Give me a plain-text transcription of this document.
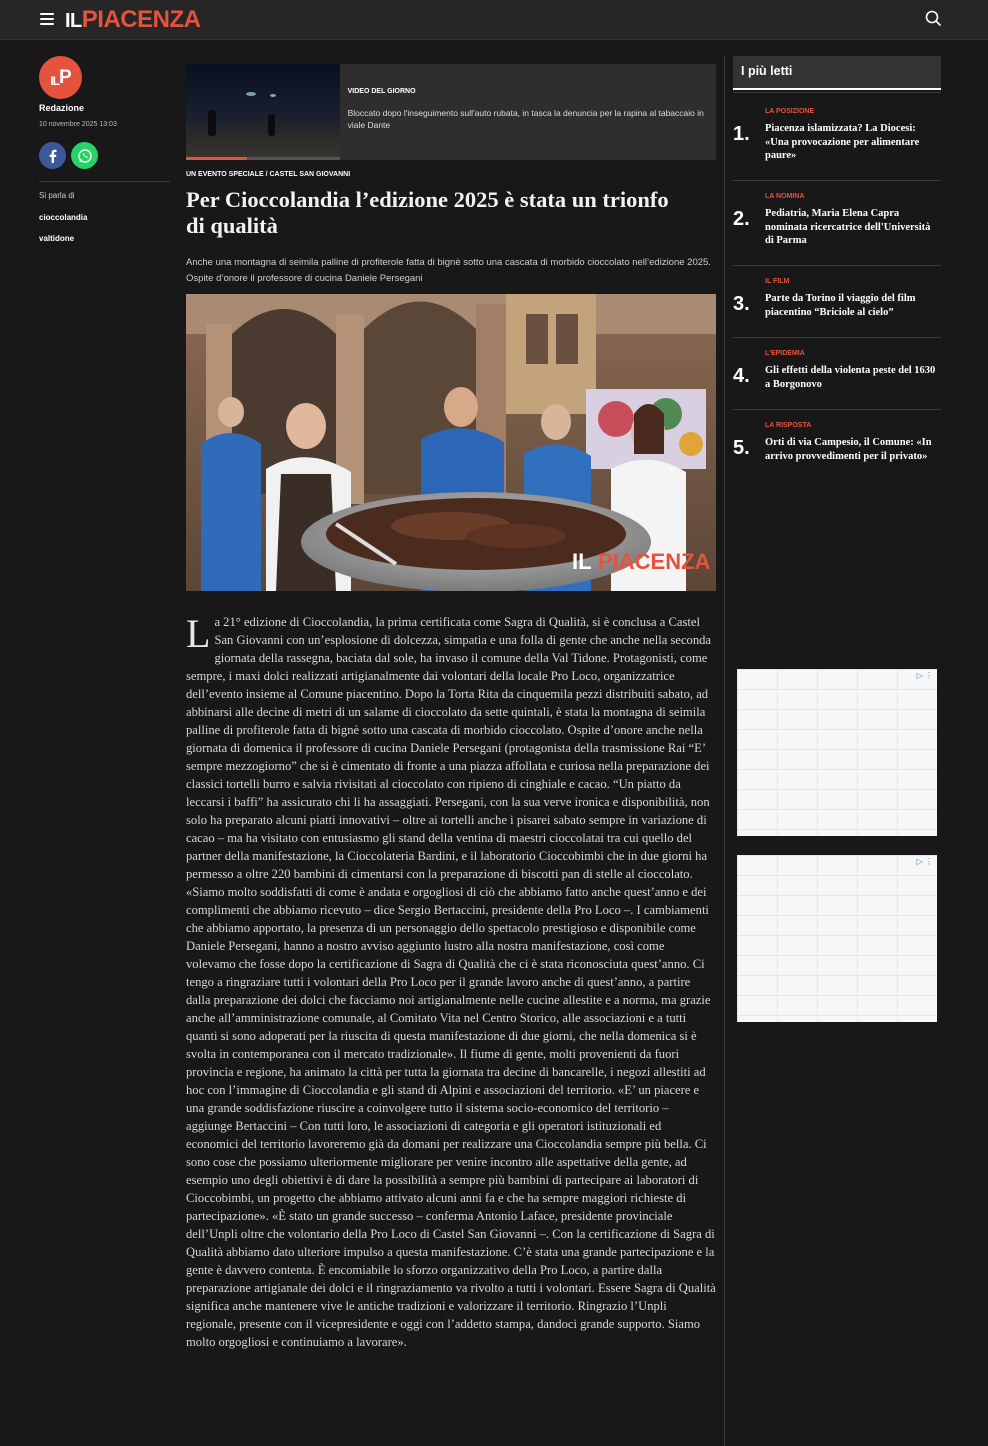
ILPIACENZA
IL P
Redazione
10 novembre 2025 13:03
Si parla di
cioccolandia
valtidone
VIDEO DEL GIORNO
Bloccato dopo l'inseguimento sull'auto rubata, in tasca la denuncia per la rapina al tabaccaio in viale Dante
UN EVENTO SPECIALE / CASTEL SAN GIOVANNI
Per Cioccolandia l’edizione 2025 è stata un trionfo di qualità

Anche una montagna di seimila palline di profiterole fatta di bignè sotto una cascata di morbido cioccolato nell’edizione 2025. Ospite d’onore il professore di cucina Daniele Persegani

IL PIACENZA
La 21° edizione di Cioccolandia, la prima certificata come Sagra di Qualità, si è conclusa a Castel San Giovanni con un’esplosione di dolcezza, simpatia e una folla di gente che anche nella seconda giornata della rassegna, baciata dal sole, ha invaso il comune della Val Tidone. Protagonisti, come sempre, i maxi dolci realizzati artigianalmente dai volontari della locale Pro Loco, organizzatrice dell’evento insieme al Comune piacentino. Dopo la Torta Rita da cinquemila pezzi distribuiti sabato, ad abbinarsi alle decine di metri di un salame di cioccolato da sette quintali, è stata la montagna di seimila palline di profiterole fatta di bignè sotto una cascata di morbido cioccolato. Ospite d’onore anche nella giornata di domenica il professore di cucina Daniele Persegani (protagonista della trasmissione Rai “E’ sempre mezzogiorno” che si è cimentato di fronte a una piazza affollata e curiosa nella preparazione dei classici tortelli burro e salvia rivisitati al cioccolato con ripieno di cinghiale e cacao. “Un piatto da leccarsi i baffi” ha assicurato chi li ha assaggiati. Persegani, con la sua verve ironica e disponibilità, non solo ha preparato alcuni piatti innovativi – oltre ai tortelli anche i pisarei sabato sempre in variazione di cacao – ma ha visitato con entusiasmo gli stand della ventina di maestri cioccolatai tra cui quello del partner della manifestazione, la Cioccolateria Bardini, e il laboratorio Cioccobimbi che in due giorni ha permesso a oltre 220 bambini di cimentarsi con la preparazione di biscotti pan di stelle al cioccolato. «Siamo molto soddisfatti di come è andata e orgogliosi di ciò che abbiamo fatto anche quest’anno e dei complimenti che abbiamo ricevuto – dice Sergio Bertaccini, presidente della Pro Loco –. I cambiamenti che abbiamo apportato, la presenza di un personaggio dello spettacolo prestigioso e disponibile come Daniele Persegani, hanno a nostro avviso aggiunto lustro alla nostra manifestazione, così come volevamo che fosse dopo la certificazione di Sagra di Qualità che ci è stata riconosciuta quest’anno. Ci tengo a ringraziare tutti i volontari della Pro Loco per il grande lavoro anche di quest’anno, a partire dalla preparazione dei dolci che facciamo noi artigianalmente nelle cucine allestite e a norma, ma grazie anche all’amministrazione comunale, al Comitato Vita nel Centro Storico, alle associazioni e a tutti quanti si sono adoperati per la riuscita di questa manifestazione di due giorni, che nella domenica si è svolta in contemporanea con il mercato tradizionale». Il fiume di gente, molti provenienti da fuori provincia e regione, ha animato la città per tutta la giornata tra decine di bancarelle, i negozi allestiti ad hoc con l’immagine di Cioccolandia e gli stand di Alpini e associazioni del territorio. «E’ un piacere e una grande soddisfazione riuscire a coinvolgere tutto il sistema socio-economico del territorio – aggiunge Bertaccini – Con tutti loro, le associazioni di categoria e gli operatori istituzionali ed economici del territorio lavoreremo già da domani per realizzare una Cioccolandia sempre più bella. Ci sono cose che possiamo ulteriormente migliorare per venire incontro alle aspettative della gente, ad esempio uno degli obiettivi è di dare la possibilità a sempre più bambini di partecipare ai laboratori di Cioccobimbi, un progetto che abbiamo attivato alcuni anni fa e che ha sempre maggiori richieste di partecipazione». «È stato un grande successo – conferma Antonio Laface, presidente provinciale dell’Unpli oltre che volontario della Pro Loco di Castel San Giovanni –. Con la certificazione di Sagra di Qualità abbiamo dato ulteriore impulso a questa manifestazione. C’è stata una grande partecipazione e la gente è davvero contenta. È encomiabile lo sforzo organizzativo della Pro Loco, a partire dalla preparazione artigianale dei dolci e il ringraziamento va rivolto a tutti i volontari. Essere Sagra di Qualità significa anche mantenere vive le antiche tradizioni e valorizzare il territorio. Ringrazio l’Unpli regionale, presente con il vicepresidente e oggi con l’addetto stampa, dandoci grande supporto. Siamo molto orgogliosi e continuiamo a lavorare».
I più letti
1.
LA POSIZIONE
Piacenza islamizzata? La Diocesi: «Una provocazione per alimentare paure»
2.
LA NOMINA
Pediatria, Maria Elena Capra nominata ricercatrice dell'Università di Parma
3.
IL FILM
Parte da Torino il viaggio del film piacentino “Briciole al cielo”
4.
L'EPIDEMIA
Gli effetti della violenta peste del 1630 a Borgonovo
5.
LA RISPOSTA
Orti di via Campesio, il Comune: «In arrivo provvedimenti per il privato»
▷ ⋮
▷ ⋮
